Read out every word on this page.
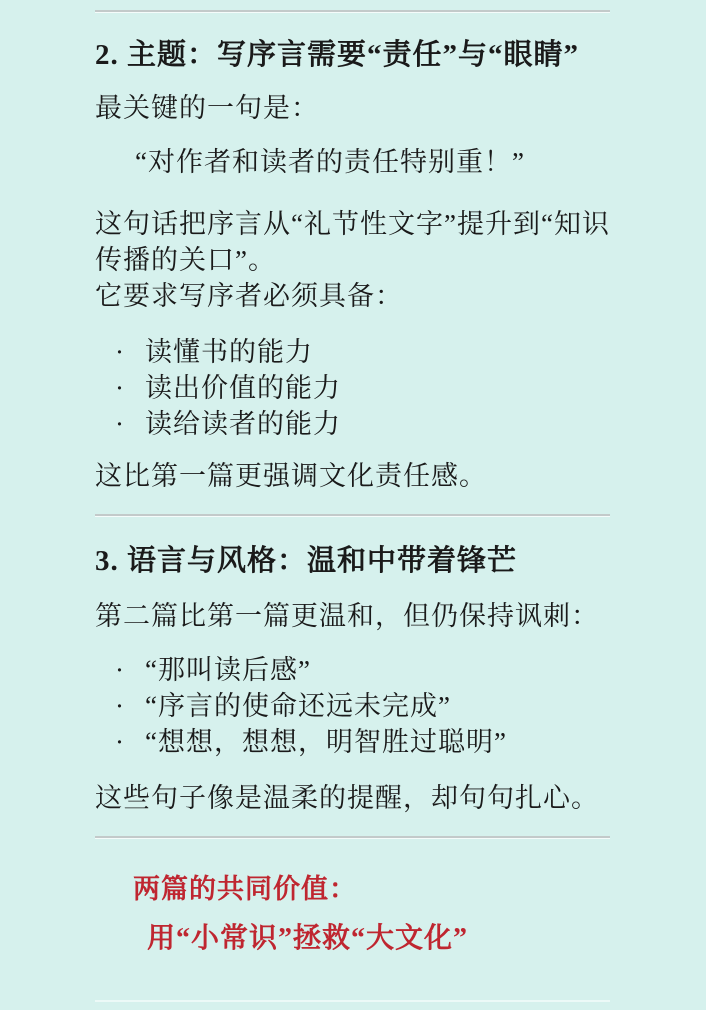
2. 主题：写序言需要“责任”与“眼睛”

最关键的一句是：

“对作者和读者的责任特别重！”

这句话把序言从“礼节性文字”提升到“知识传播的关口”。

它要求写序者必须具备：

· 读懂书的能力
· 读出价值的能力
· 读给读者的能力

这比第一篇更强调文化责任感。

3. 语言与风格：温和中带着锋芒

第二篇比第一篇更温和，但仍保持讽刺：

· “那叫读后感”
· “序言的使命还远未完成”
· “想想，想想，明智胜过聪明”

这些句子像是温柔的提醒，却句句扎心。

两篇的共同价值：
用“小常识”拯救“大文化”
